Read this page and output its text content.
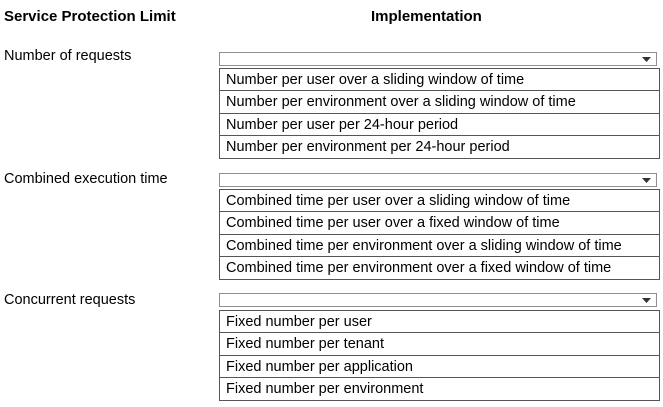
Service Protection Limit	Implementation
Number of requests
Number per user over a sliding window of time
Number per environment over a sliding window of time
Number per user per 24-hour period
Number per environment per 24-hour period
Combined execution time
Combined time per user over a sliding window of time
Combined time per user over a fixed window of time
Combined time per environment over a sliding window of time
Combined time per environment over a fixed window of time
Concurrent requests
Fixed number per user
Fixed number per tenant
Fixed number per application
Fixed number per environment
